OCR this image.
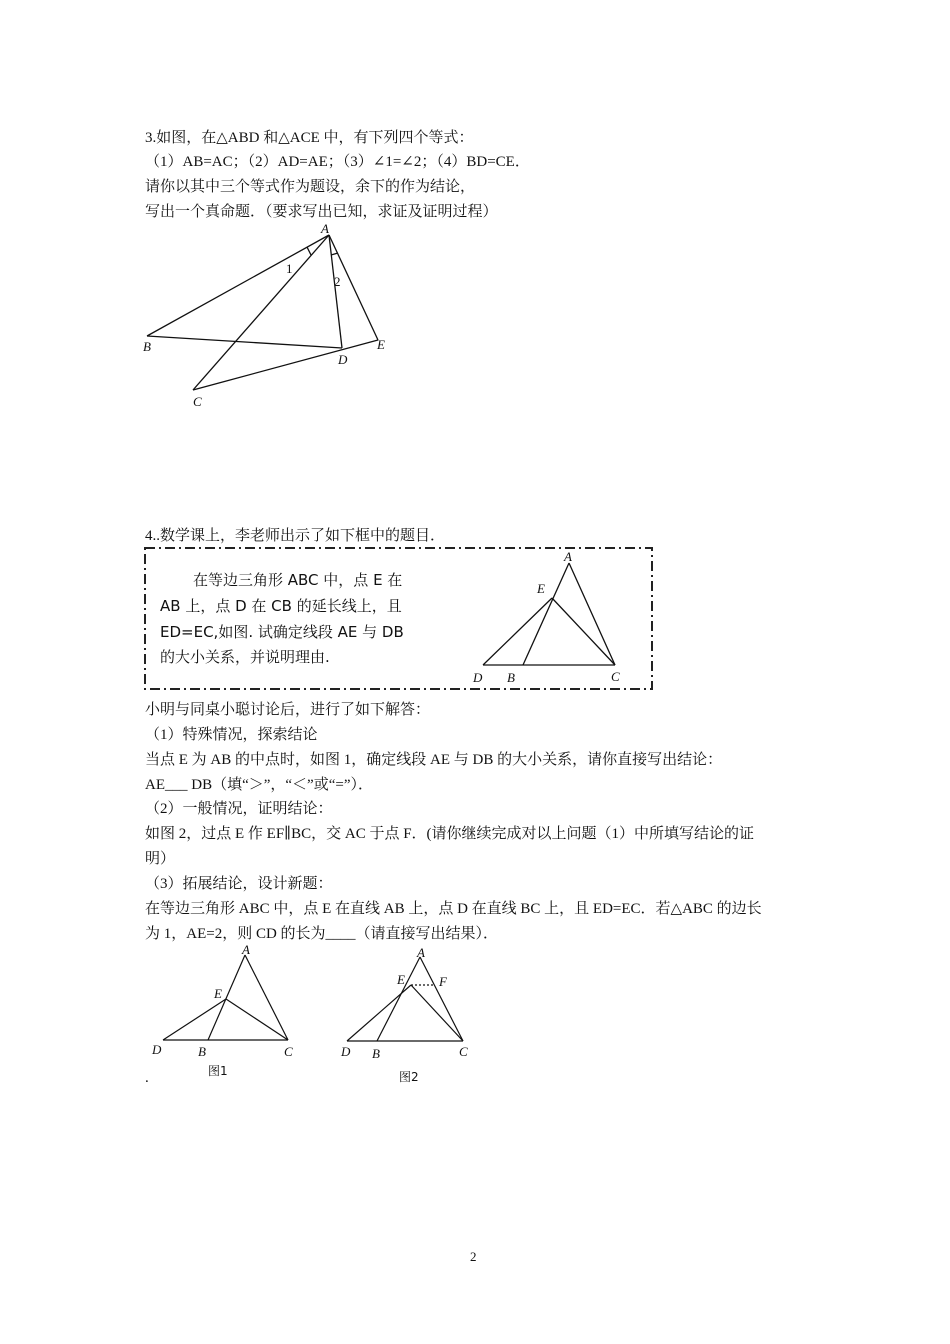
3.如图，在△ABD 和△ACE 中，有下列四个等式：
（1）AB=AC；（2）AD=AE；（3）∠1=∠2；（4）BD=CE．
请你以其中三个等式作为题设，余下的作为结论，
写出一个真命题．（要求写出已知，求证及证明过程）
A
B
C
D
E
1
2
4..数学课上，李老师出示了如下框中的题目．
在等边三角形 ABC 中，点 E 在
AB 上，点 D 在 CB 的延长线上，且
ED=EC,如图. 试确定线段 AE 与 DB
的大小关系，并说明理由.
A
E
D B	C
小明与同桌小聪讨论后，进行了如下解答：
（1）特殊情况，探索结论
当点 E 为 AB 的中点时，如图 1，确定线段 AE 与 DB 的大小关系，请你直接写出结论：
AE___ DB（填“＞”，“＜”或“=”）．
（2）一般情况，证明结论：
如图 2，过点 E 作 EF∥BC，交 AC 于点 F．(请你继续完成对以上问题（1）中所填写结论的证
明）
（3）拓展结论，设计新题：
在等边三角形 ABC 中，点 E 在直线 AB 上，点 D 在直线 BC 上，且 ED=EC．若△ABC 的边长
为 1，AE=2，则 CD 的长为____（请直接写出结果）．
A
E
D	B	C
图1
.
A
E	F
D B	C
图2
2
